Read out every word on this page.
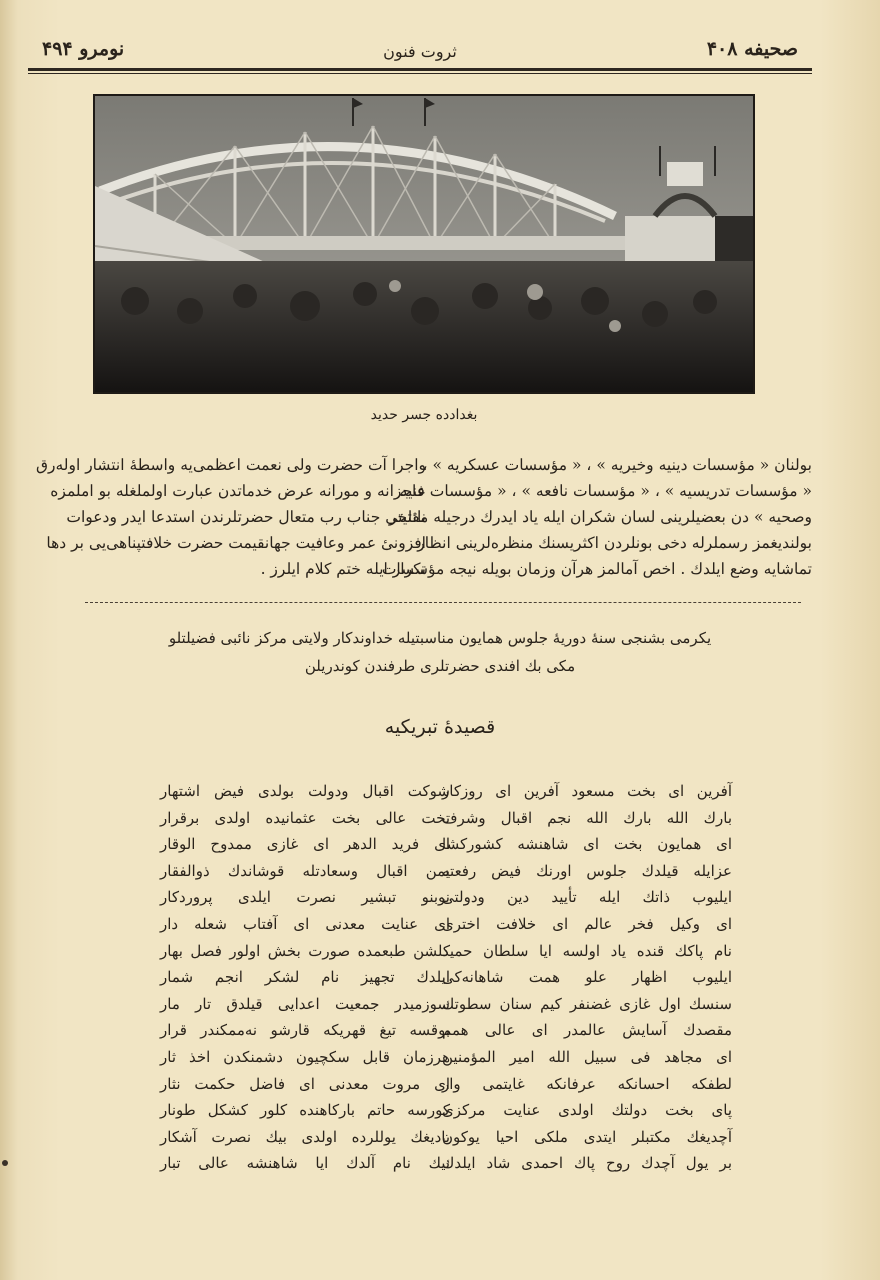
نومرو ۴۹۴	ثروت فنون	صحیفه ۴۰۸
بغدادده جسر حدید
بولنان « مؤسسات دینیه وخیریه » ، « مؤسسات عسکریه » ،
« مؤسسات تدریسیه » ، « مؤسسات نافعه » ، « مؤسسات فنیه
وصحیه » دن بعضیلرینی لسان شکران ایله یاد ایدرك درجیله مفتخر
بولندیغمز رسملرله دخی بونلردن اکثریسنك منظره‌لرینی انظار
تماشایه وضع ایلدك . اخص آمالمز هرآن وزمان بویله نیجه مؤسسات
واجرا آت حضرت ولی نعمت اعظمی‌یه واسطهٔ انتشار اوله‌رق
عاجزانه و مورانه عرض خدماتدن عبارت اولملغله بو املمزه
نائلیتی جناب رب متعال حضرتلرندن استدعا ایدر ودعوات
افزونیٔ عمر وعافیت جهانقیمت حضرت خلافتپناهی‌یی بر دها
تکرار ایله ختم کلام ایلرز .
یکرمی بشنجی سنهٔ دوریهٔ جلوس همایون مناسبتیله خداوندکار ولایتی مرکز نائبی فضیلتلو
مکی بك افندی حضرتلری طرفندن کوندریلن
قصیدهٔ تبریکیه
آفرین ای بخت مسعود آفرین ای روزکار
بارك الله بارك الله نجم اقبال وشرف
ای همایون بخت ای شاهنشه کشورکشا
عزایله قیلدك جلوس اورنك فیض رفعته
ایلیوب ذاتك ایله تأیید دین ودولتی
ای وکیل فخر عالم ای خلافت اختری
نام پاکك قنده یاد اولسه ایا سلطان حمید
ایلیوب اظهار علو همت شاهانه‌کی
سنسك اول غازی غضنفر کیم سنان سطوتك
مقصدك آسایش عالمدر ای عالی همم
ای مجاهد فی سبیل الله امیر المؤمنین
لطفکه احسانکه عرفانکه غایتمی وار
پای بخت دولتك اولدی عنایت مرکزی
آچدیغك مکتبلر ایتدی ملکی احیا یوکون
بر یول آچدك روح پاك احمدی شاد ایلدك
شوکت اقبال ودولت بولدی فیض اشتهار
تخت عالی بخت عثمانیده اولدی برقرار
ای فرید الدهر ای غازی ممدوح الوقار
یمن اقبال وسعادتله قوشاندك ذوالفقار
نوبنو تبشیر نصرت ایلدی پروردکار
ای عنایت معدنی ای آفتاب شعله دار
کلشن طبعمده صورت بخش اولور فصل بهار
ایلدك تجهیز نام لشکر انجم شمار
سوزمیدر جمعیت اعدایی قیلدق تار مار
بوقسه تیغ قهریکه قارشو نه‌ممکندر قرار
هرزمان قابل سکچیون دشمنکدن اخذ ثار
ای مروت معدنی ای فاضل حکمت نثار
کورسه حاتم بارکاهنده کلور کشکل طونار
یادیغك یوللرده اولدی بیك نصرت آشکار
نیك نام آلدك ایا شاهنشه عالی تبار
